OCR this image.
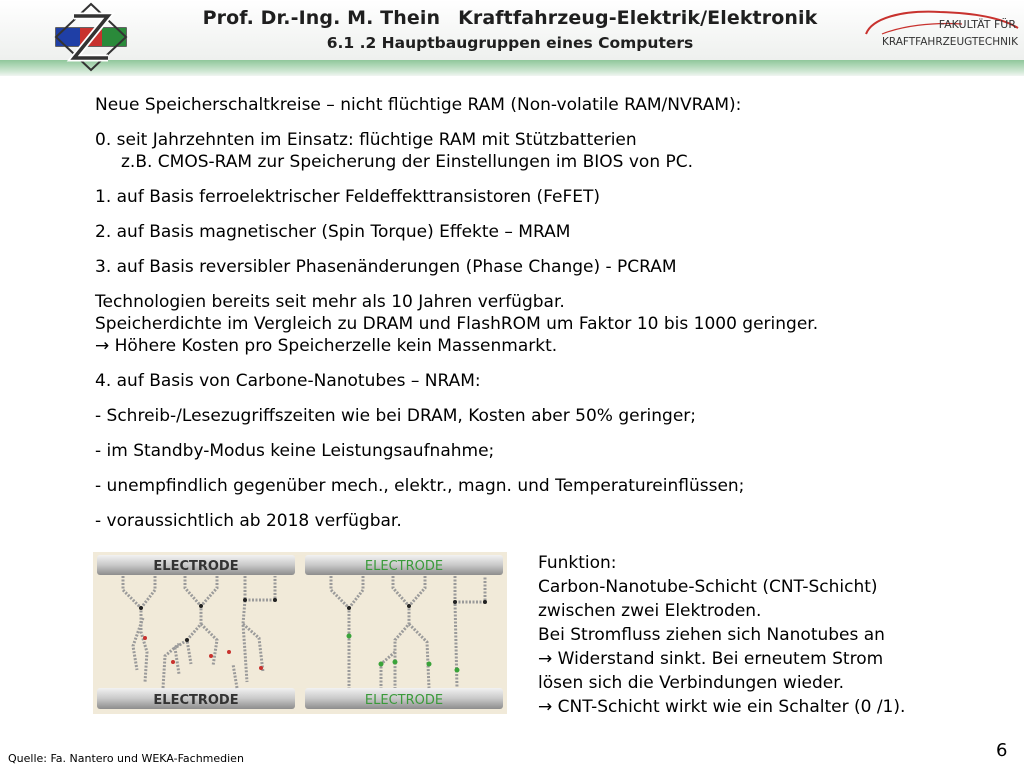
Prof. Dr.-Ing. M. Thein Kraftfahrzeug-Elektrik/Elektronik
6.1 .2 Hauptbaugruppen eines Computers
FAKULTÄT FÜR
KRAFTFAHRZEUGTECHNIK

Neue Speicherschaltkreise – nicht flüchtige RAM (Non-volatile RAM/NVRAM):

0. seit Jahrzehnten im Einsatz: flüchtige RAM mit Stützbatterien
z.B. CMOS-RAM zur Speicherung der Einstellungen im BIOS von PC.

1. auf Basis ferroelektrischer Feldeffekttransistoren (FeFET)

2. auf Basis magnetischer (Spin Torque) Effekte – MRAM

3. auf Basis reversibler Phasenänderungen (Phase Change) - PCRAM

Technologien bereits seit mehr als 10 Jahren verfügbar.
Speicherdichte im Vergleich zu DRAM und FlashROM um Faktor 10 bis 1000 geringer.
→ Höhere Kosten pro Speicherzelle kein Massenmarkt.

4. auf Basis von Carbone-Nanotubes – NRAM:

- Schreib-/Lesezugriffszeiten wie bei DRAM, Kosten aber 50% geringer;

- im Standby-Modus keine Leistungsaufnahme;

- unempfindlich gegenüber mech., elektr., magn. und Temperatureinflüssen;

- voraussichtlich ab 2018 verfügbar.

ELECTRODE
ELECTRODE
ELECTRODE
ELECTRODE
Funktion:
Carbon-Nanotube-Schicht (CNT-Schicht)
zwischen zwei Elektroden.
Bei Stromfluss ziehen sich Nanotubes an
→ Widerstand sinkt. Bei erneutem Strom
lösen sich die Verbindungen wieder.
→ CNT-Schicht wirkt wie ein Schalter (0 /1).
Quelle: Fa. Nantero und WEKA-Fachmedien	6
